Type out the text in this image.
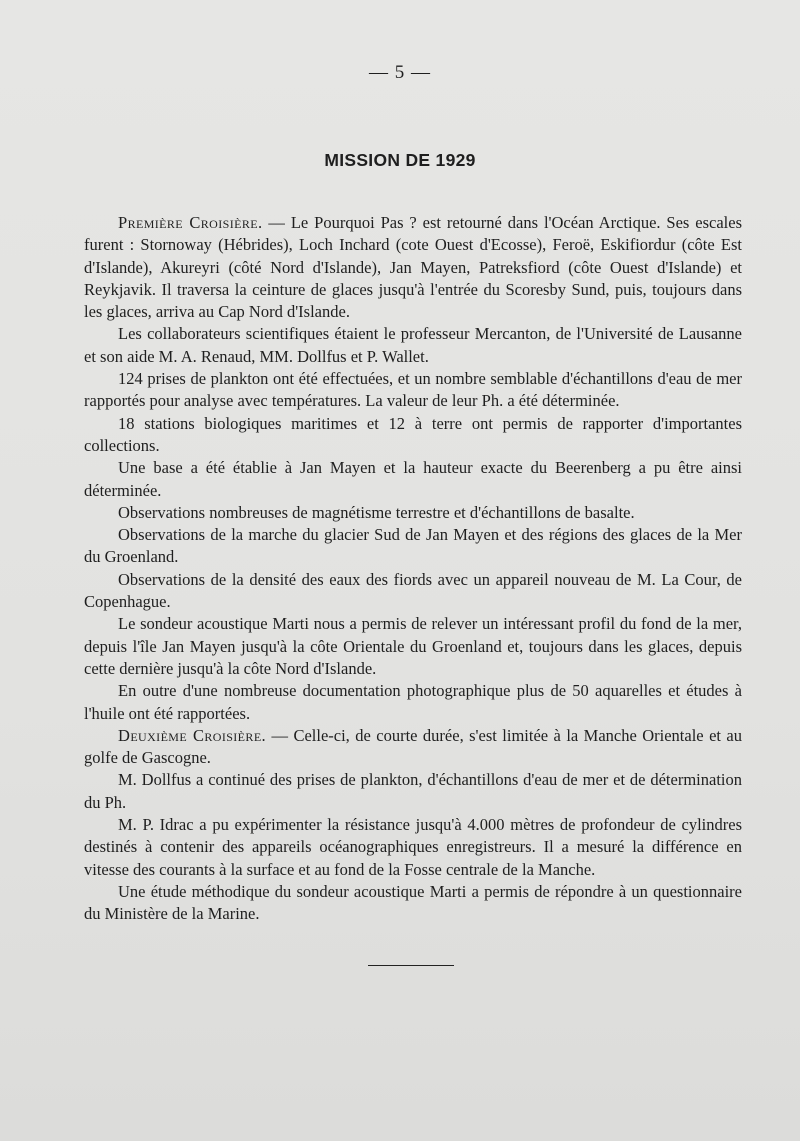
— 5 —
MISSION DE 1929

Première Croisière. — Le Pourquoi Pas ? est retourné dans l'Océan Arctique. Ses escales furent : Stornoway (Hébrides), Loch Inchard (cote Ouest d'Ecosse), Feroë, Eskifiordur (côte Est d'Islande), Akureyri (côté Nord d'Islande), Jan Mayen, Patreksfiord (côte Ouest d'Islande) et Reykjavik. Il traversa la ceinture de glaces jusqu'à l'entrée du Scoresby Sund, puis, toujours dans les glaces, arriva au Cap Nord d'Islande.

Les collaborateurs scientifiques étaient le professeur Mercanton, de l'Université de Lausanne et son aide M. A. Renaud, MM. Dollfus et P. Wallet.

124 prises de plankton ont été effectuées, et un nombre semblable d'échantillons d'eau de mer rapportés pour analyse avec températures. La valeur de leur Ph. a été déterminée.

18 stations biologiques maritimes et 12 à terre ont permis de rapporter d'importantes collections.

Une base a été établie à Jan Mayen et la hauteur exacte du Beerenberg a pu être ainsi déterminée.

Observations nombreuses de magnétisme terrestre et d'échantillons de basalte.

Observations de la marche du glacier Sud de Jan Mayen et des régions des glaces de la Mer du Groenland.

Observations de la densité des eaux des fiords avec un appareil nouveau de M. La Cour, de Copenhague.

Le sondeur acoustique Marti nous a permis de relever un intéressant profil du fond de la mer, depuis l'île Jan Mayen jusqu'à la côte Orientale du Groenland et, toujours dans les glaces, depuis cette dernière jusqu'à la côte Nord d'Islande.

En outre d'une nombreuse documentation photographique plus de 50 aquarelles et études à l'huile ont été rapportées.

Deuxième Croisière. — Celle-ci, de courte durée, s'est limitée à la Manche Orientale et au golfe de Gascogne.

M. Dollfus a continué des prises de plankton, d'échantillons d'eau de mer et de détermination du Ph.

M. P. Idrac a pu expérimenter la résistance jusqu'à 4.000 mètres de profondeur de cylindres destinés à contenir des appareils océanographiques enregistreurs. Il a mesuré la différence en vitesse des courants à la surface et au fond de la Fosse centrale de la Manche.

Une étude méthodique du sondeur acoustique Marti a permis de répondre à un questionnaire du Ministère de la Marine.
